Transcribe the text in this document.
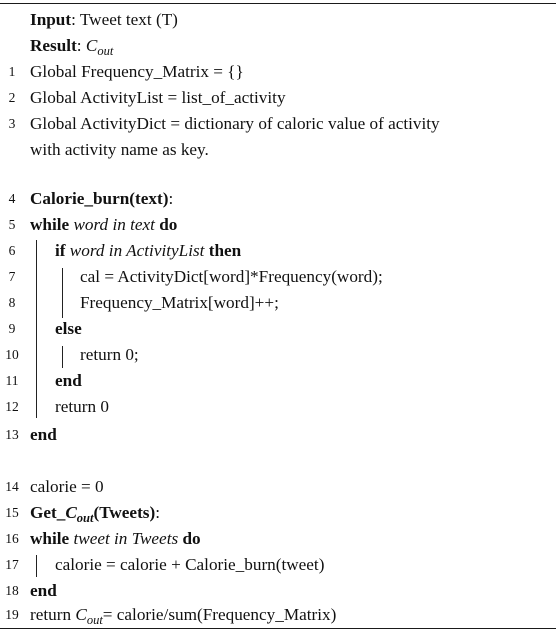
Input: Tweet text (T)
Result: $C_{out}$
1 Global Frequency_Matrix = {}
2 Global ActivityList = list_of_activity
3 Global ActivityDict = dictionary of caloric value of activity
with activity name as key.
4 Calorie_burn(text):
5 while word in text do
6	if word in ActivityList then
7	cal = ActivityDict[word]*Frequency(word);
8	Frequency_Matrix[word]++;
9	else
10	return 0;
11 end
12 return 0
13 end
14 calorie = 0
15 $Get\_C_{out}(Tweets)$:
16 while tweet in Tweets do
17 calorie = calorie + Calorie_burn(tweet)
18 end
19 return $C_{out}=$ calorie/sum(Frequency_Matrix)
